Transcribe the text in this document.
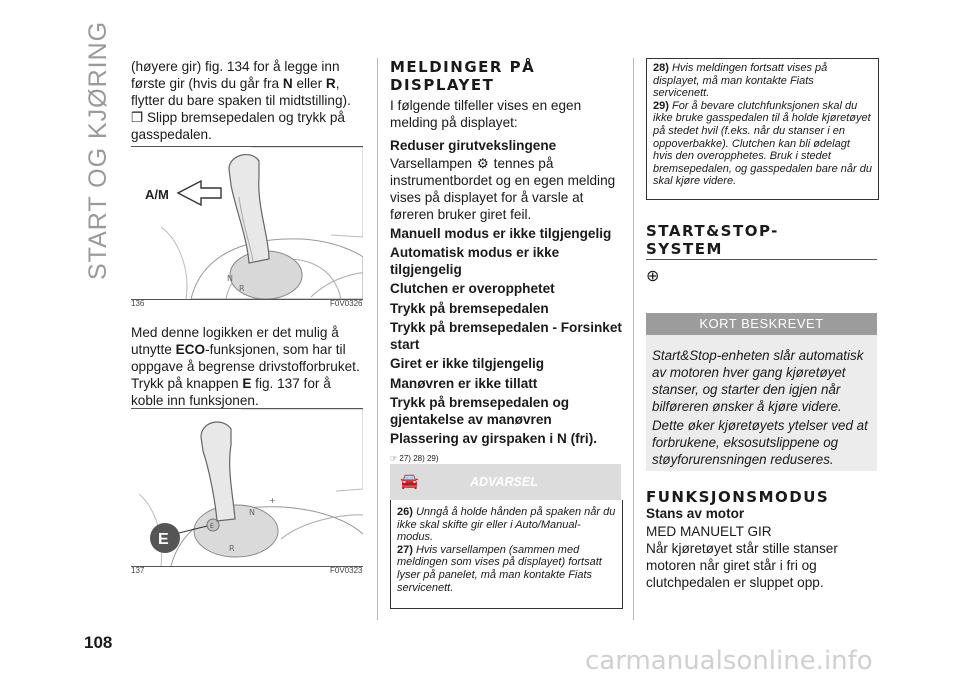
START OG KJØRING
108

(høyere gir) fig. 134 for å legge inn første gir (hvis du går fra N eller R, flytter du bare spaken til midtstilling).

❒ Slipp bremsepedalen og trykk på gasspedalen.

N
R
A/M
136	F0V0326

Med denne logikken er det mulig å utnytte ECO-funksjonen, som har til oppgave å begrense drivstofforbruket. Trykk på knappen E fig. 137 for å koble inn funksjonen.

E
R
N
+
E
137	F0V0323
MELDINGER PÅ DISPLAYET

I følgende tilfeller vises en egen melding på displayet:

Reduser girutvekslingene

Varsellampen ⚙ tennes på instrumentbordet og en egen melding vises på displayet for å varsle at føreren bruker giret feil.

Manuell modus er ikke tilgjengelig
Automatisk modus er ikke tilgjengelig
Clutchen er overopphetet
Trykk på bremsepedalen
Trykk på bremsepedalen - Forsinket start
Giret er ikke tilgjengelig
Manøvren er ikke tillatt
Trykk på bremsepedalen og gjentakelse av manøvren
Plassering av girspaken i N (fri).
☞ 27) 28) 29)
🚘	ADVARSEL

26) Unngå å holde hånden på spaken når du ikke skal skifte gir eller i Auto/Manual-modus.

27) Hvis varsellampen (sammen med meldingen som vises på displayet) fortsatt lyser på panelet, må man kontakte Fiats servicenett.

28) Hvis meldingen fortsatt vises på displayet, må man kontakte Fiats servicenett.

29) For å bevare clutchfunksjonen skal du ikke bruke gasspedalen til å holde kjøretøyet på stedet hvil (f.eks. når du stanser i en oppoverbakke). Clutchen kan bli ødelagt hvis den overopphetes. Bruk i stedet bremsepedalen, og gasspedalen bare når du skal kjøre videre.

START&STOP-SYSTEM
⊕
KORT BESKREVET

Start&Stop-enheten slår automatisk av motoren hver gang kjøretøyet stanser, og starter den igjen når bilføreren ønsker å kjøre videre.

Dette øker kjøretøyets ytelser ved at forbrukene, eksosutslippene og støyforurensningen reduseres.

FUNKSJONSMODUS
Stans av motor
MED MANUELT GIR

Når kjøretøyet står stille stanser motoren når giret står i fri og clutchpedalen er sluppet opp.

carmanualsonline.info
